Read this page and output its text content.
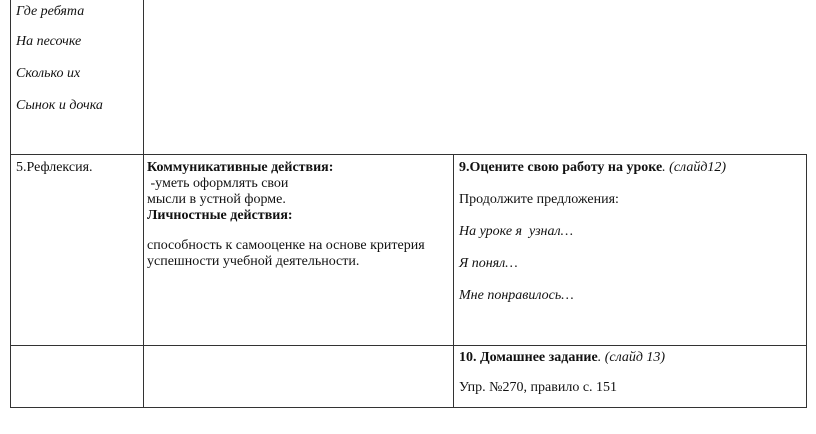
Где ребята

На песочке

Сколько их

Сынок и дочка

5.Рефлексия.	Коммуникативные действия:

-уметь оформлять свои

мысли в устной форме.

Личностные действия:

способность к самооценке на основе критерия

успешности учебной деятельности.

9.Оцените свою работу на уроке. (слайд12)

Продолжите предложения:

На уроке я  узнал…

Я понял…

Мне понравилось…

10. Домашнее задание. (слайд 13)

Упр. №270, правило с. 151
